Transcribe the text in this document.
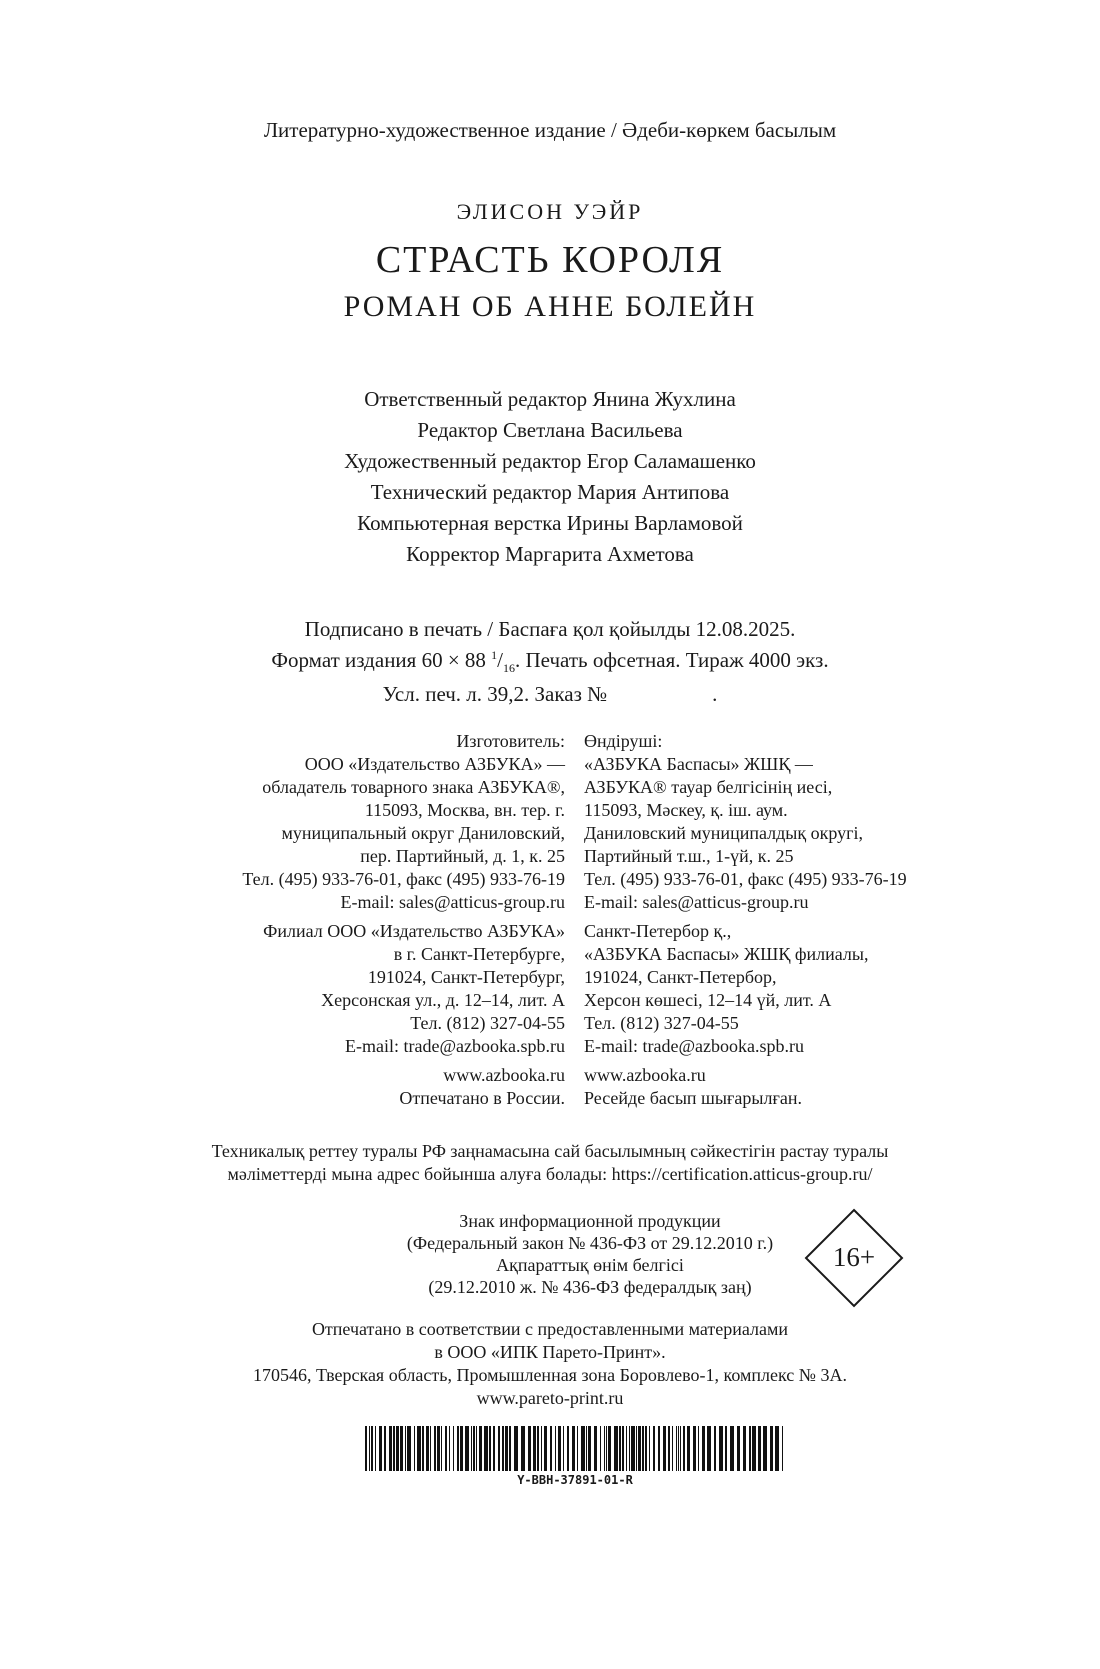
Литературно-художественное издание / Әдеби-көркем басылым
ЭЛИСОН УЭЙР
СТРАСТЬ КОРОЛЯ
РОМАН ОБ АННЕ БОЛЕЙН
Ответственный редактор Янина Жухлина
Редактор Светлана Васильева
Художественный редактор Егор Саламашенко
Технический редактор Мария Антипова
Компьютерная верстка Ирины Варламовой
Корректор Маргарита Ахметова
Подписано в печать / Баспаға қол қойылды 12.08.2025.
Формат издания 60 × 88 $^1/_{16}$. Печать офсетная. Тираж 4000 экз.
Усл. печ. л. 39,2. Заказ №                    .
Изготовитель:
ООО «Издательство АЗБУКА» —
обладатель товарного знака АЗБУКА®,
115093, Москва, вн. тер. г.
муниципальный округ Даниловский,
пер. Партийный, д. 1, к. 25
Тел. (495) 933-76-01, факс (495) 933-76-19
E-mail: sales@atticus-group.ru
Өндіруші:
«АЗБУКА Баспасы» ЖШҚ —
АЗБУКА® тауар белгісінің иесі,
115093, Мәскеу, қ. іш. аум.
Даниловский муниципалдық округі,
Партийный т.ш., 1-үй, к. 25
Тел. (495) 933-76-01, факс (495) 933-76-19
E-mail: sales@atticus-group.ru
Филиал ООО «Издательство АЗБУКА»
в г. Санкт-Петербурге,
191024, Санкт-Петербург,
Херсонская ул., д. 12–14, лит. А
Тел. (812) 327-04-55
E-mail: trade@azbooka.spb.ru
Санкт-Петербор қ.,
«АЗБУКА Баспасы» ЖШҚ филиалы,
191024, Санкт-Петербор,
Херсон көшесі, 12–14 үй, лит. А
Тел. (812) 327-04-55
E-mail: trade@azbooka.spb.ru
www.azbooka.ru
Отпечатано в России.
www.azbooka.ru
Ресейде басып шығарылған.
Техникалық реттеу туралы РФ заңнамасына сай басылымның сәйкестігін растау туралы
мәліметтерді мына адрес бойынша алуға болады: https://certification.atticus-group.ru/
Знак информационной продукции
(Федеральный закон № 436-ФЗ от 29.12.2010 г.)
Ақпараттық өнім белгісі
(29.12.2010 ж. № 436-ФЗ федералдық заң)
16+
Отпечатано в соответствии с предоставленными материалами
в ООО «ИПК Парето-Принт».
170546, Тверская область, Промышленная зона Боровлево-1, комплекс № 3А.
www.pareto-print.ru
Y-BBH-37891-01-R
